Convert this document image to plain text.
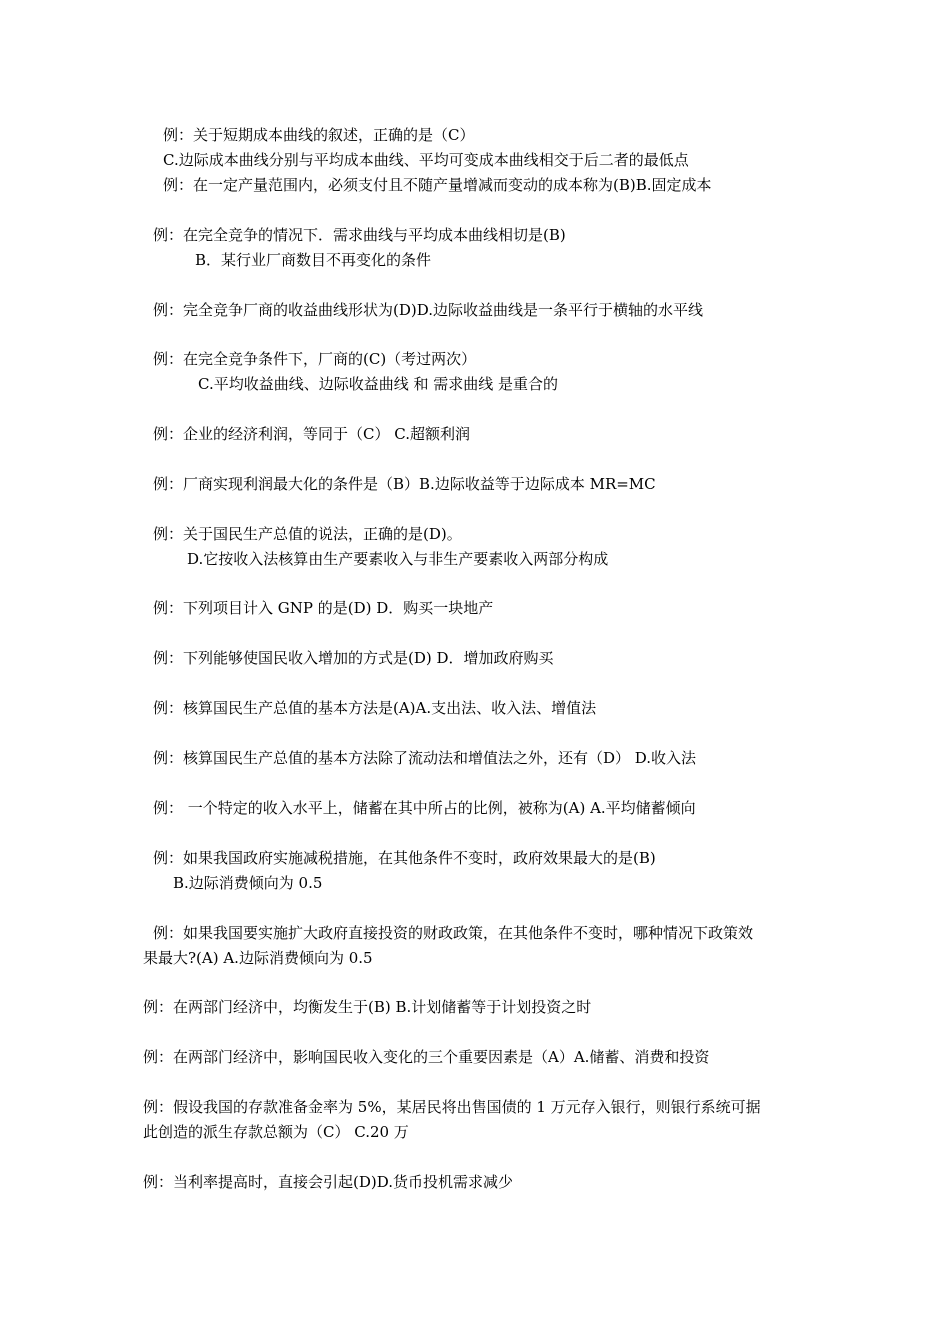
例：关于短期成本曲线的叙述，正确的是（C）
C.边际成本曲线分别与平均成本曲线、平均可变成本曲线相交于后二者的最低点
例：在一定产量范围内，必须支付且不随产量增减而变动的成本称为(B)B.固定成本
例：在完全竞争的情况下．需求曲线与平均成本曲线相切是(B)
B．某行业厂商数目不再变化的条件
例：完全竞争厂商的收益曲线形状为(D)D.边际收益曲线是一条平行于横轴的水平线
例：在完全竞争条件下，厂商的(C)（考过两次）
C.平均收益曲线、边际收益曲线 和 需求曲线 是重合的
例：企业的经济利润，等同于（C） C.超额利润
例：厂商实现利润最大化的条件是（B）B.边际收益等于边际成本 MR=MC
例：关于国民生产总值的说法，正确的是(D)。
D.它按收入法核算由生产要素收入与非生产要素收入两部分构成
例：下列项目计入 GNP 的是(D) D．购买一块地产
例：下列能够使国民收入增加的方式是(D) D．增加政府购买
例：核算国民生产总值的基本方法是(A)A.支出法、收入法、增值法
例：核算国民生产总值的基本方法除了流动法和增值法之外，还有（D） D.收入法
例： 一个特定的收入水平上，储蓄在其中所占的比例，被称为(A) A.平均储蓄倾向
例：如果我国政府实施减税措施，在其他条件不变时，政府效果最大的是(B)
B.边际消费倾向为 0.5
例：如果我国要实施扩大政府直接投资的财政政策，在其他条件不变时，哪种情况下政策效
果最大?(A) A.边际消费倾向为 0.5
例：在两部门经济中，均衡发生于(B) B.计划储蓄等于计划投资之时
例：在两部门经济中，影响国民收入变化的三个重要因素是（A）A.储蓄、消费和投资
例：假设我国的存款准备金率为 5%，某居民将出售国债的 1 万元存入银行，则银行系统可据
此创造的派生存款总额为（C） C.20 万
例：当利率提高时，直接会引起(D)D.货币投机需求减少
